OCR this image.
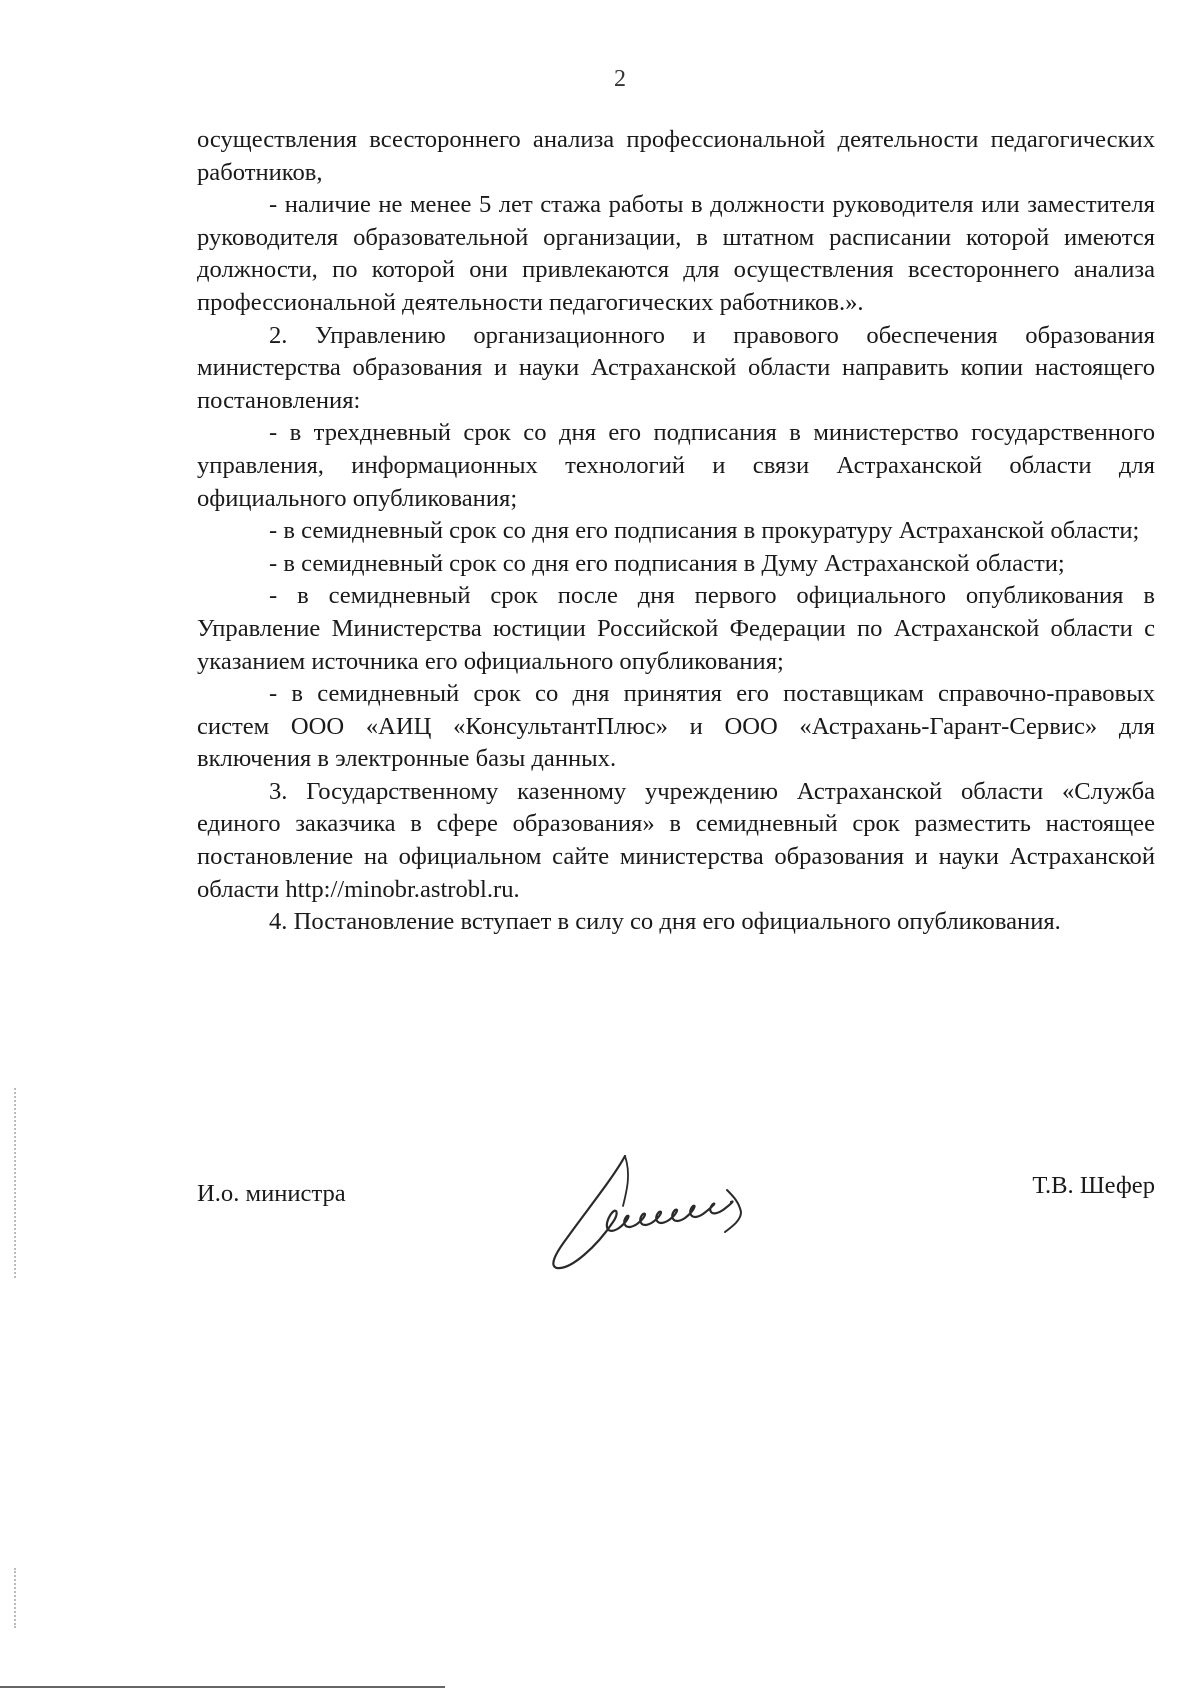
2

осуществления всестороннего анализа профессиональной деятельности педагогических работников,

- наличие не менее 5 лет стажа работы в должности руководителя или заместителя руководителя образовательной организации, в штатном расписании которой имеются должности, по которой они привлекаются для осуществления всестороннего анализа профессиональной деятельности педагогических работников.».

2. Управлению организационного и правового обеспечения образования министерства образования и науки Астраханской области направить копии настоящего постановления:

- в трехдневный срок со дня его подписания в министерство государственного управления, информационных технологий и связи Астраханской области для официального опубликования;

- в семидневный срок со дня его подписания в прокуратуру Астраханской области;

- в семидневный срок со дня его подписания в Думу Астраханской области;

- в семидневный срок после дня первого официального опубликования в Управление Министерства юстиции Российской Федерации по Астраханской области с указанием источника его официального опубликования;

- в семидневный срок со дня принятия его поставщикам справочно-правовых систем ООО «АИЦ «КонсультантПлюс» и ООО «Астрахань-Гарант-Сервис» для включения в электронные базы данных.

3. Государственному казенному учреждению Астраханской области «Служба единого заказчика в сфере образования» в семидневный срок разместить настоящее постановление на официальном сайте министерства образования и науки Астраханской области http://minobr.astrobl.ru.

4. Постановление вступает в силу со дня его официального опубликования.

И.о. министра	Т.В. Шефер
